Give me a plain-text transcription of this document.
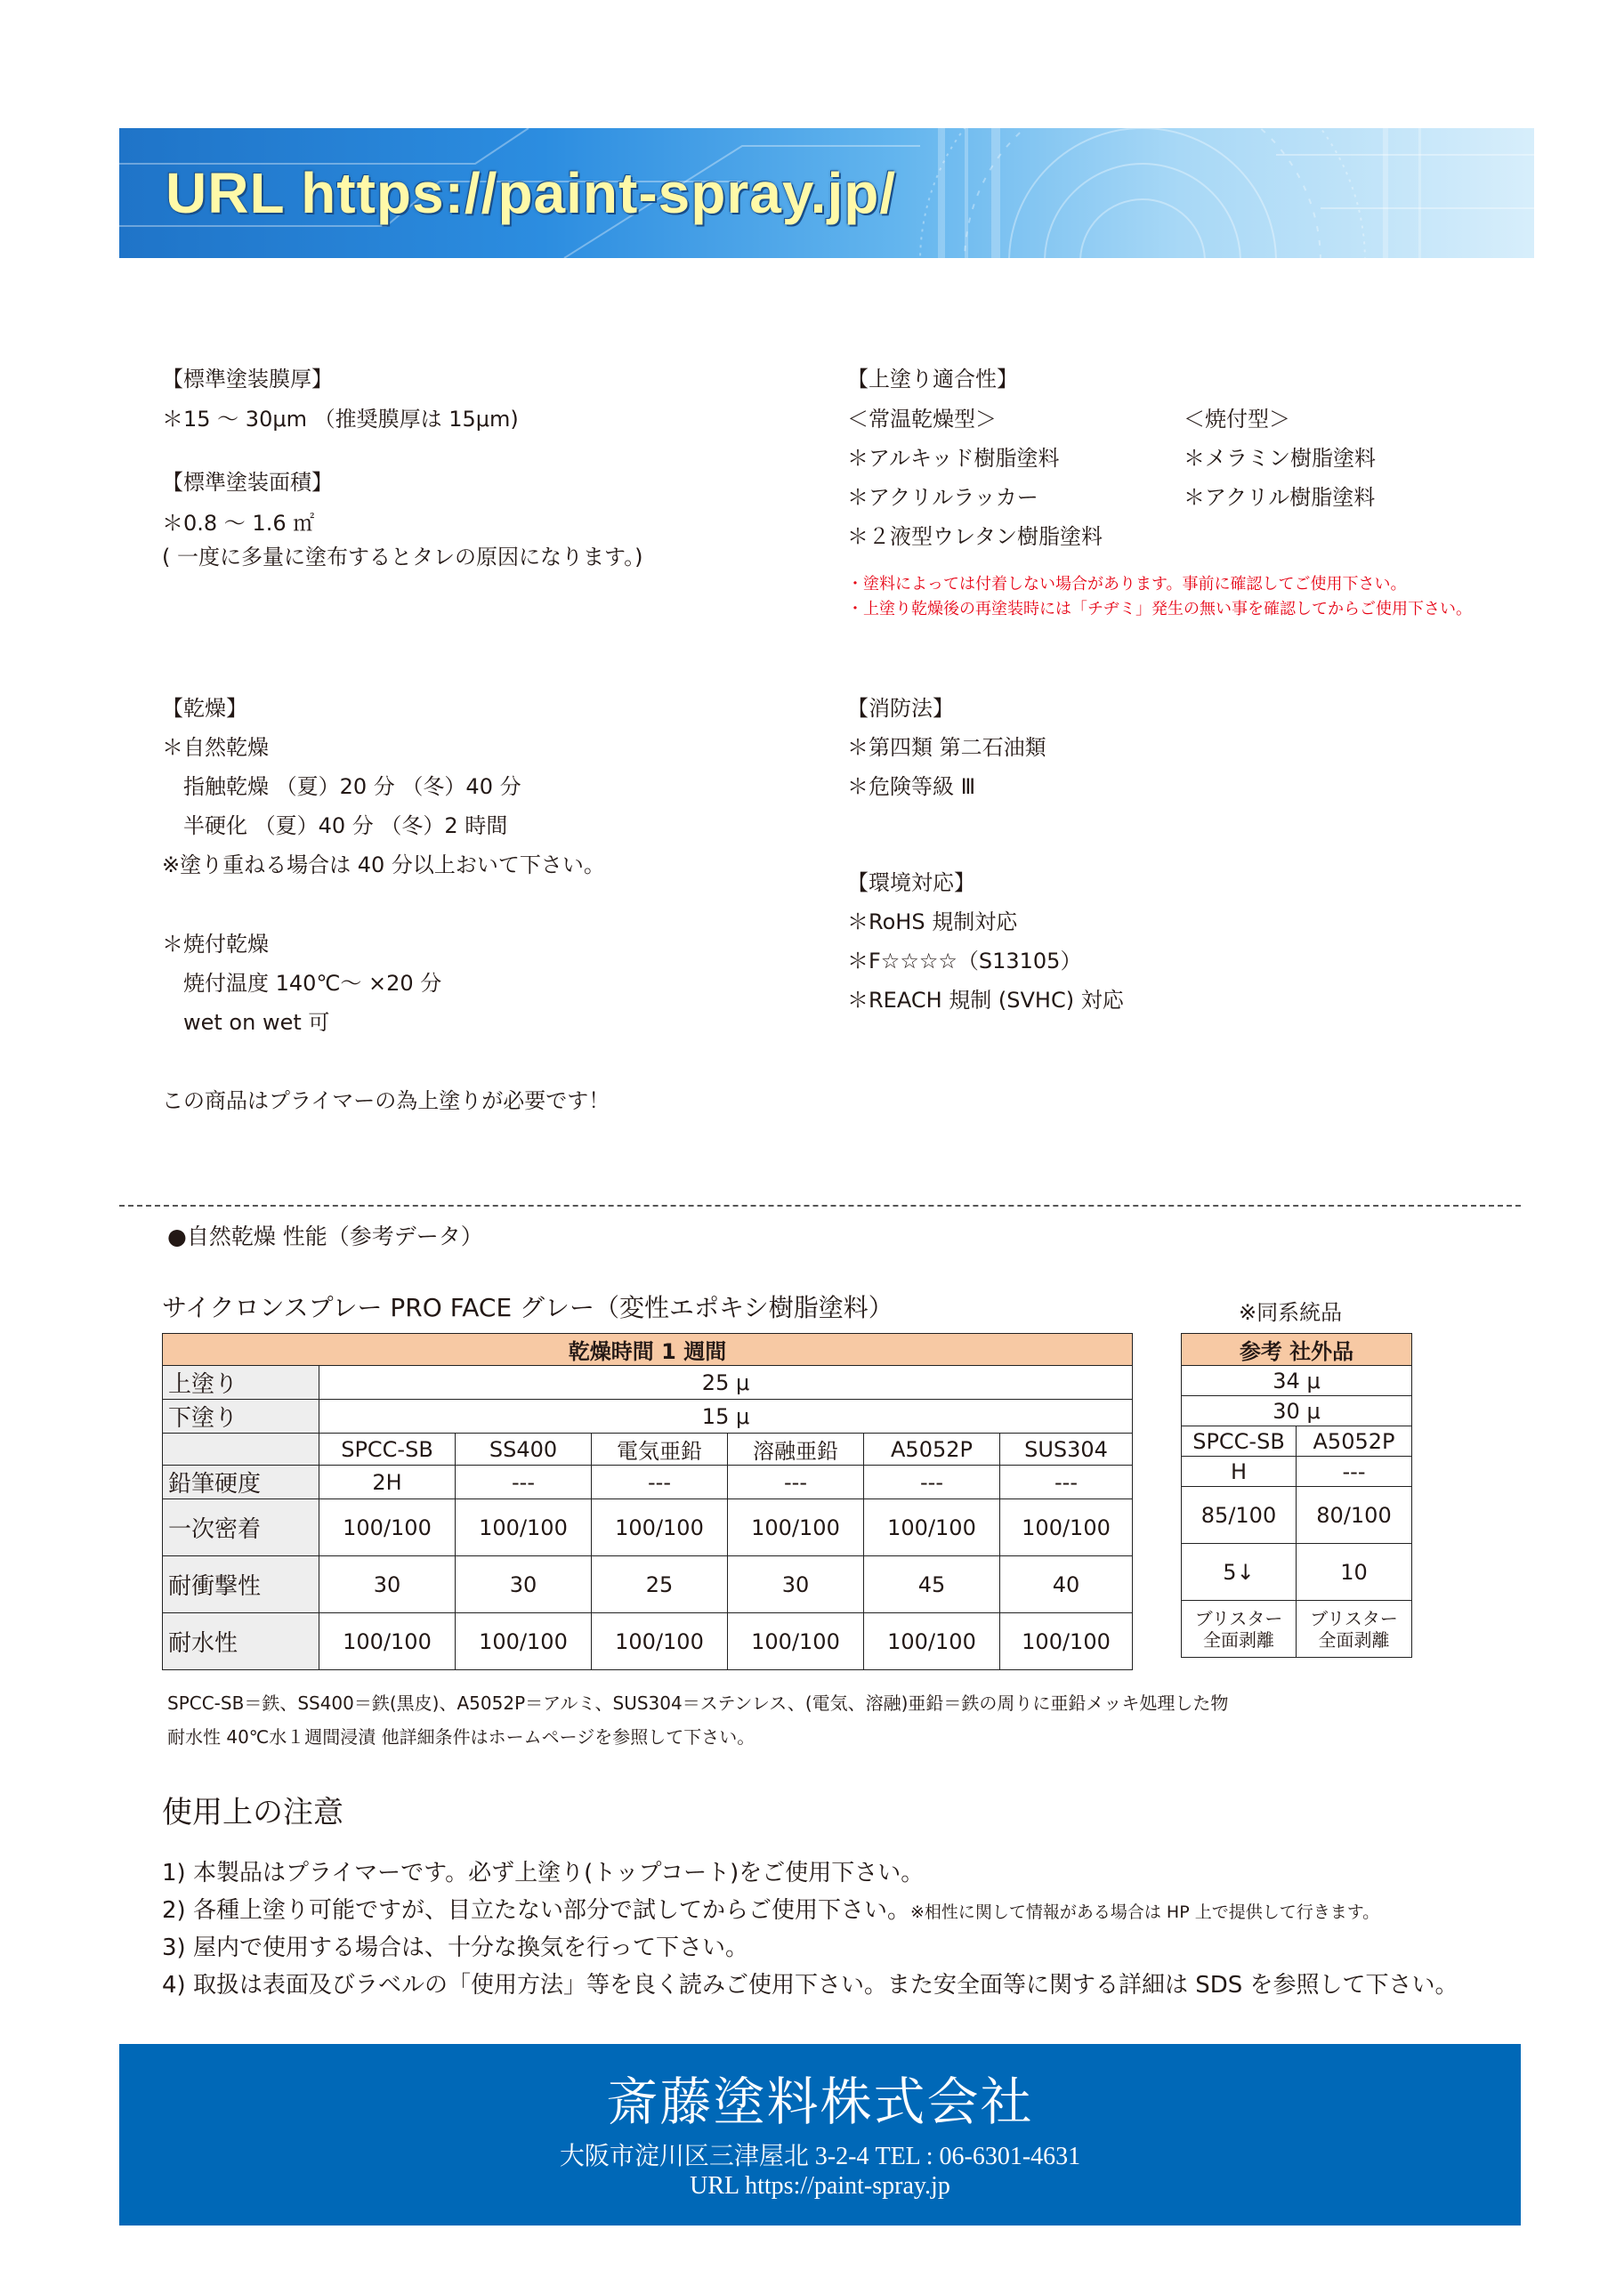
URL https://paint-spray.jp/
【標準塗装膜厚】
＊15 ～ 30μm （推奨膜厚は 15μm)
【標準塗装面積】
＊0.8 ～ 1.6 ㎡
( 一度に多量に塗布するとタレの原因になります。)
【乾燥】
＊自然乾燥
指触乾燥 （夏）20 分 （冬）40 分
半硬化 （夏）40 分 （冬）2 時間
※塗り重ねる場合は 40 分以上おいて下さい。
＊焼付乾燥
焼付温度 140℃～ ×20 分
wet on wet 可
この商品はプライマーの為上塗りが必要です！
【上塗り適合性】
＜常温乾燥型＞	＜焼付型＞
＊アルキッド樹脂塗料	＊メラミン樹脂塗料
＊アクリルラッカー	＊アクリル樹脂塗料
＊２液型ウレタン樹脂塗料
・塗料によっては付着しない場合があります。事前に確認してご使用下さい。
・上塗り乾燥後の再塗装時には「チヂミ」発生の無い事を確認してからご使用下さい。
【消防法】
＊第四類 第二石油類
＊危険等級 Ⅲ
【環境対応】
＊RoHS 規制対応
＊F☆☆☆☆（S13105）
＊REACH 規制 (SVHC) 対応
●自然乾燥 性能（参考データ）
サイクロンスプレー PRO FACE グレー（変性エポキシ樹脂塗料）	※同系統品
乾燥時間 1 週間						
上塗り	25 μ					
下塗り	15 μ					
	SPCC-SB	SS400	電気亜鉛	溶融亜鉛	A5052P	SUS304
鉛筆硬度	2H	---	---	---	---	---
一次密着	100/100	100/100	100/100	100/100	100/100	100/100
耐衝撃性	30	30	25	30	45	40
耐水性	100/100	100/100	100/100	100/100	100/100	100/100
参考 社外品	
34 μ	
30 μ	
SPCC-SB	A5052P
H	---
85/100	80/100
5↓	10
ブリスター
全面剥離	ブリスター
全面剥離
SPCC-SB＝鉄、SS400＝鉄(黒皮)、A5052P＝アルミ、SUS304＝ステンレス、(電気、溶融)亜鉛＝鉄の周りに亜鉛メッキ処理した物
耐水性 40℃水１週間浸漬 他詳細条件はホームページを参照して下さい。
使用上の注意
1) 本製品はプライマーです。必ず上塗り(トップコート)をご使用下さい。
2) 各種上塗り可能ですが、目立たない部分で試してからご使用下さい。※相性に関して情報がある場合は HP 上で提供して行きます。
3) 屋内で使用する場合は、十分な換気を行って下さい。
4) 取扱は表面及びラベルの「使用方法」等を良く読みご使用下さい。また安全面等に関する詳細は SDS を参照して下さい。
斎藤塗料株式会社
大阪市淀川区三津屋北 3-2-4 TEL : 06-6301-4631
URL https://paint-spray.jp
